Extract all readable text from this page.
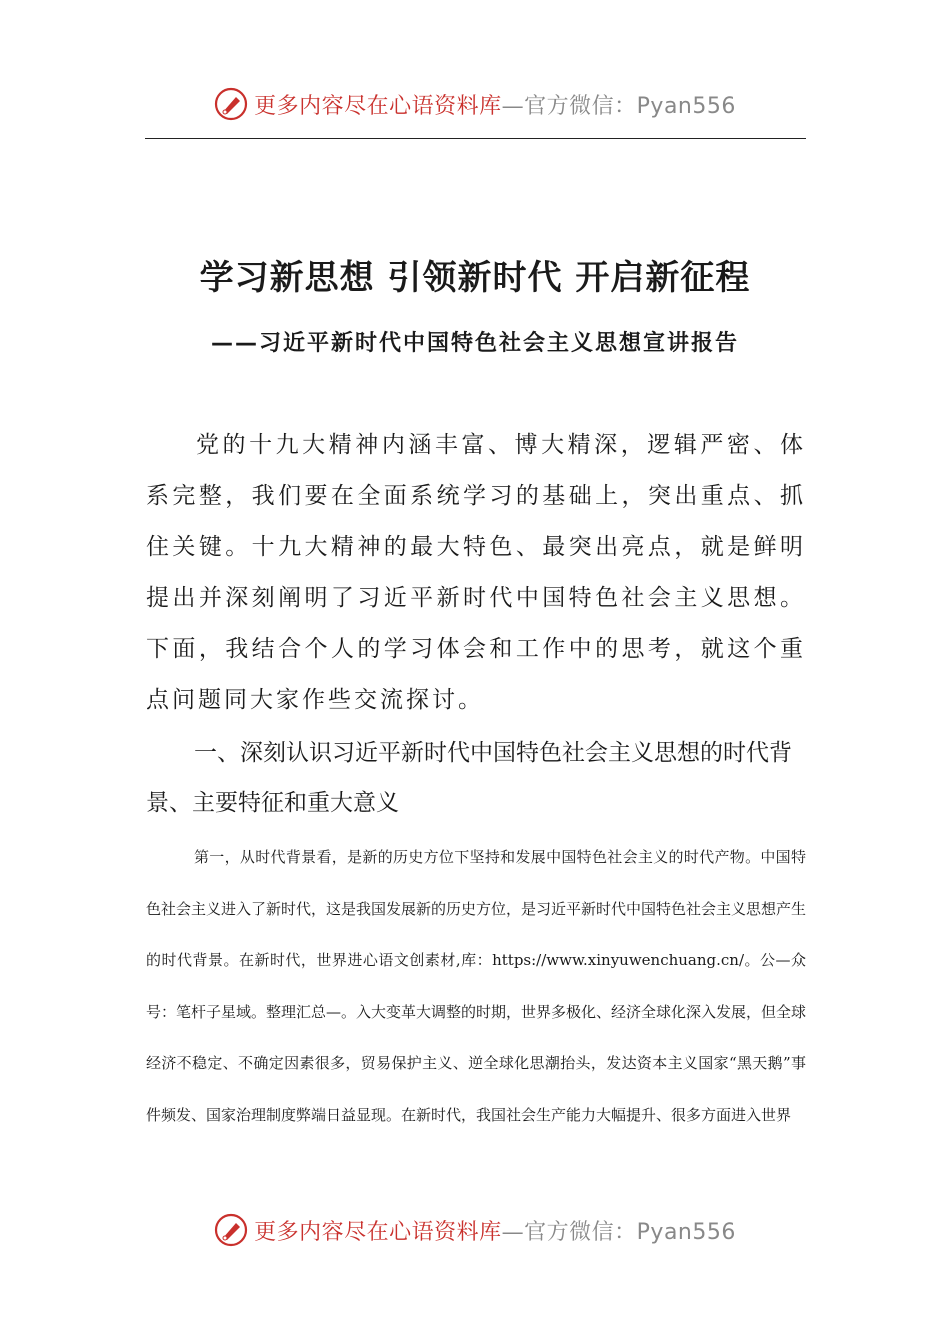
更多内容尽在心语资料库—官方微信：Pyan556
学习新思想 引领新时代 开启新征程
——习近平新时代中国特色社会主义思想宣讲报告

党的十九大精神内涵丰富、博大精深，逻辑严密、体系完整，我们要在全面系统学习的基础上，突出重点、抓住关键。十九大精神的最大特色、最突出亮点，就是鲜明提出并深刻阐明了习近平新时代中国特色社会主义思想。下面，我结合个人的学习体会和工作中的思考，就这个重点问题同大家作些交流探讨。

一、深刻认识习近平新时代中国特色社会主义思想的时代背景、主要特征和重大意义

第一，从时代背景看，是新的历史方位下坚持和发展中国特色社会主义的时代产物。中国特色社会主义进入了新时代，这是我国发展新的历史方位，是习近平新时代中国特色社会主义思想产生的时代背景。在新时代，世界进心语文创素材,库：https://www.xinyuwenchuang.cn/。公—众号：笔杆子星域。整理汇总—。入大变革大调整的时期，世界多极化、经济全球化深入发展，但全球经济不稳定、不确定因素很多，贸易保护主义、逆全球化思潮抬头，发达资本主义国家“黑天鹅”事件频发、国家治理制度弊端日益显现。在新时代，我国社会生产能力大幅提升、很多方面进入世界

更多内容尽在心语资料库—官方微信：Pyan556
